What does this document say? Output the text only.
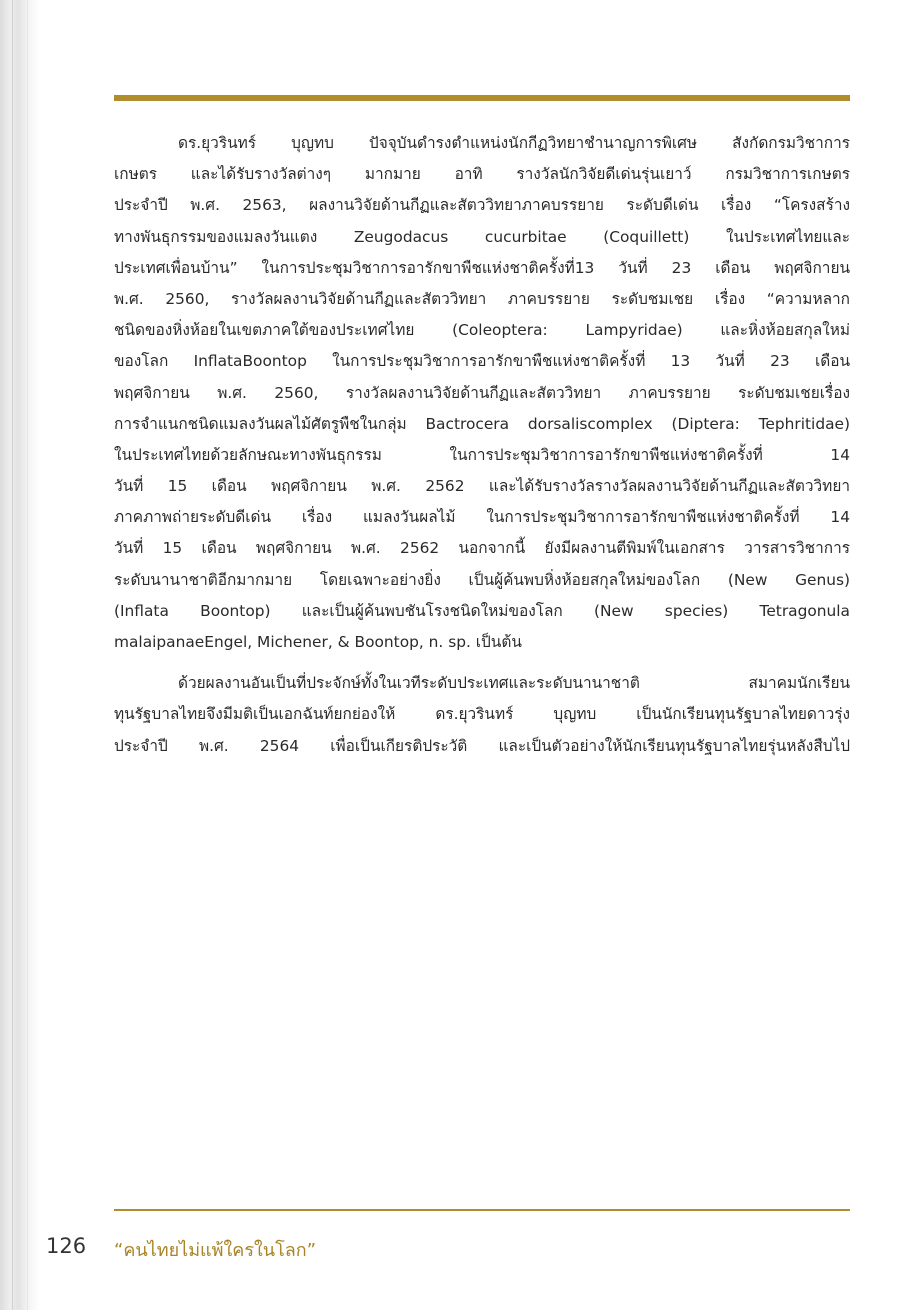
ดร.ยุวรินทร์ บุญทบ ปัจจุบันดำรงตำแหน่งนักกีฏวิทยาชำนาญการพิเศษ สังกัดกรมวิชาการ
เกษตร และได้รับรางวัลต่างๆ มากมาย อาทิ รางวัลนักวิจัยดีเด่นรุ่นเยาว์ กรมวิชาการเกษตร
ประจำปี พ.ศ. 2563, ผลงานวิจัยด้านกีฏและสัตววิทยาภาคบรรยาย ระดับดีเด่น เรื่อง “โครงสร้าง
ทางพันธุกรรมของแมลงวันแตง Zeugodacus cucurbitae (Coquillett) ในประเทศไทยและ
ประเทศเพื่อนบ้าน” ในการประชุมวิชาการอารักขาพืชแห่งชาติครั้งที่13 วันที่ 23 เดือน พฤศจิกายน
พ.ศ. 2560, รางวัลผลงานวิจัยด้านกีฏและสัตววิทยา ภาคบรรยาย ระดับชมเชย เรื่อง “ความหลาก
ชนิดของหิ่งห้อยในเขตภาคใต้ของประเทศไทย (Coleoptera: Lampyridae) และหิ่งห้อยสกุลใหม่
ของโลก InflataBoontop ในการประชุมวิชาการอารักขาพืชแห่งชาติครั้งที่ 13 วันที่ 23 เดือน
พฤศจิกายน พ.ศ. 2560, รางวัลผลงานวิจัยด้านกีฏและสัตววิทยา ภาคบรรยาย ระดับชมเชยเรื่อง
การจำแนกชนิดแมลงวันผลไม้ศัตรูพืชในกลุ่ม Bactrocera dorsaliscomplex (Diptera: Tephritidae)
ในประเทศไทยด้วยลักษณะทางพันธุกรรม ในการประชุมวิชาการอารักขาพืชแห่งชาติครั้งที่ 14
วันที่ 15 เดือน พฤศจิกายน พ.ศ. 2562 และได้รับรางวัลรางวัลผลงานวิจัยด้านกีฏและสัตววิทยา
ภาคภาพถ่ายระดับดีเด่น เรื่อง แมลงวันผลไม้ ในการประชุมวิชาการอารักขาพืชแห่งชาติครั้งที่ 14
วันที่ 15 เดือน พฤศจิกายน พ.ศ. 2562 นอกจากนี้ ยังมีผลงานตีพิมพ์ในเอกสาร วารสารวิชาการ
ระดับนานาชาติอีกมากมาย โดยเฉพาะอย่างยิ่ง เป็นผู้ค้นพบหิ่งห้อยสกุลใหม่ของโลก (New Genus)
(Inflata Boontop) และเป็นผู้ค้นพบชันโรงชนิดใหม่ของโลก (New species) Tetragonula
malaipanaeEngel, Michener, & Boontop, n. sp. เป็นต้น
ด้วยผลงานอันเป็นที่ประจักษ์ทั้งในเวทีระดับประเทศและระดับนานาชาติ สมาคมนักเรียน
ทุนรัฐบาลไทยจึงมีมติเป็นเอกฉันท์ยกย่องให้ ดร.ยุวรินทร์ บุญทบ เป็นนักเรียนทุนรัฐบาลไทยดาวรุ่ง
ประจำปี พ.ศ. 2564 เพื่อเป็นเกียรติประวัติ และเป็นตัวอย่างให้นักเรียนทุนรัฐบาลไทยรุ่นหลังสืบไป
126 “คนไทยไม่แพ้ใครในโลก”
